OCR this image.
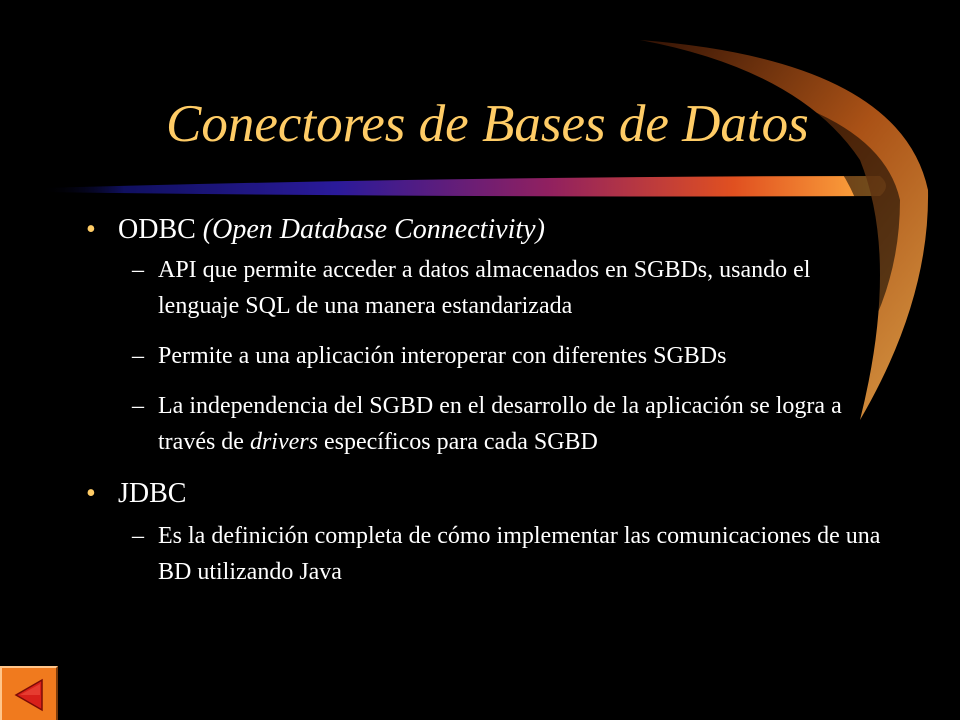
Conectores de Bases de Datos
• ODBC (Open Database Connectivity)
– API que permite acceder a datos almacenados en SGBDs, usando el lenguaje SQL de una manera estandarizada
– Permite a una aplicación interoperar con diferentes SGBDs
– La independencia del SGBD en el desarrollo de la aplicación se logra a través de drivers específicos para cada SGBD
• JDBC
– Es la definición completa de cómo implementar las comunicaciones de una BD utilizando Java
